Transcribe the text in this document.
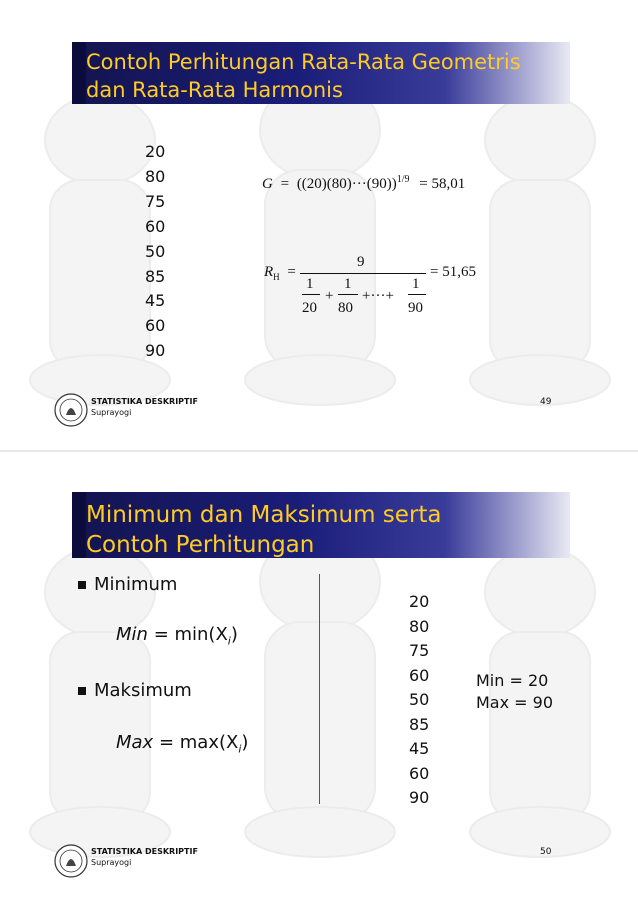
Contoh Perhitungan Rata-Rata Geometris
dan Rata-Rata Harmonis
20
80
75
60
50
85
45
60
90
$G = ((20)(80)\cdot\cdot\cdot(90))^{1/9} = 58,01$
$R_H$ =
9
1
20
+
1
80
+···+
1
90
= 51,65
STATISTIKA DESKRIPTIF
Suprayogi
49
Minimum dan Maksimum serta
Contoh Perhitungan
Minimum
Min = $\min(X_i)$
Maksimum
Max = $\max(X_i)$
20
80
75
60
50
85
45
60
90
Min = 20
Max = 90
STATISTIKA DESKRIPTIF
Suprayogi
50
